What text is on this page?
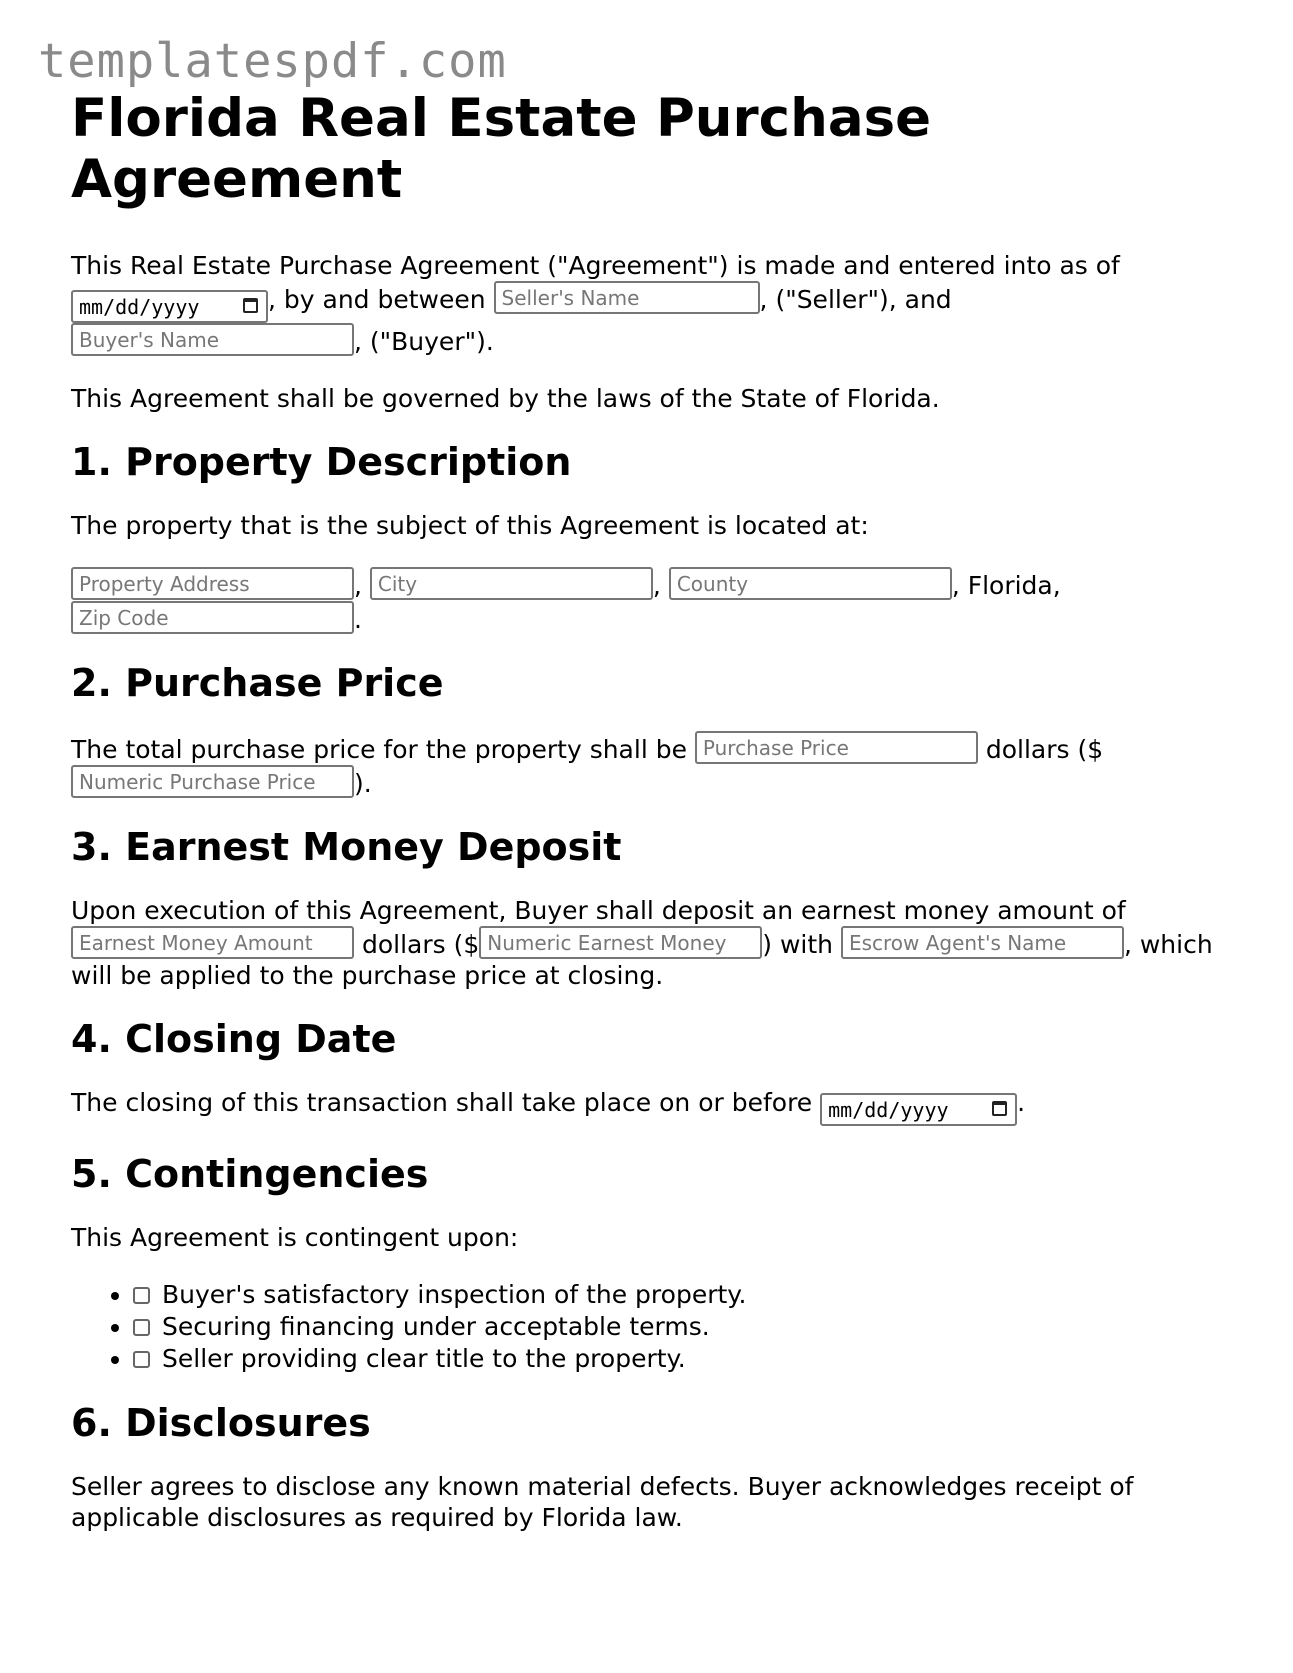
templatespdf.com
Florida Real Estate Purchase Agreement

This Real Estate Purchase Agreement ("Agreement") is made and entered into as of mm/dd/yyyy	, by and between Seller's Name	, ("Seller"), and
Buyer's Name	, ("Buyer").

This Agreement shall be governed by the laws of the State of Florida.

1. Property Description

The property that is the subject of this Agreement is located at:

Property Address	, City	, County	, Florida,
Zip Code	.

2. Purchase Price

The total purchase price for the property shall be Purchase Price	dollars ($
Numeric Purchase Price ).

3. Earnest Money Deposit

Upon execution of this Agreement, Buyer shall deposit an earnest money amount of
Earnest Money Amount dollars ($ Numeric Earnest Money ) with Escrow Agent's Name , which will be applied to the purchase price at closing.

4. Closing Date

The closing of this transaction shall take place on or before mm/dd/yyyy	.

5. Contingencies

This Agreement is contingent upon:

• Buyer's satisfactory inspection of the property.
• Securing financing under acceptable terms.
• Seller providing clear title to the property.
6. Disclosures

Seller agrees to disclose any known material defects. Buyer acknowledges receipt of applicable disclosures as required by Florida law.
